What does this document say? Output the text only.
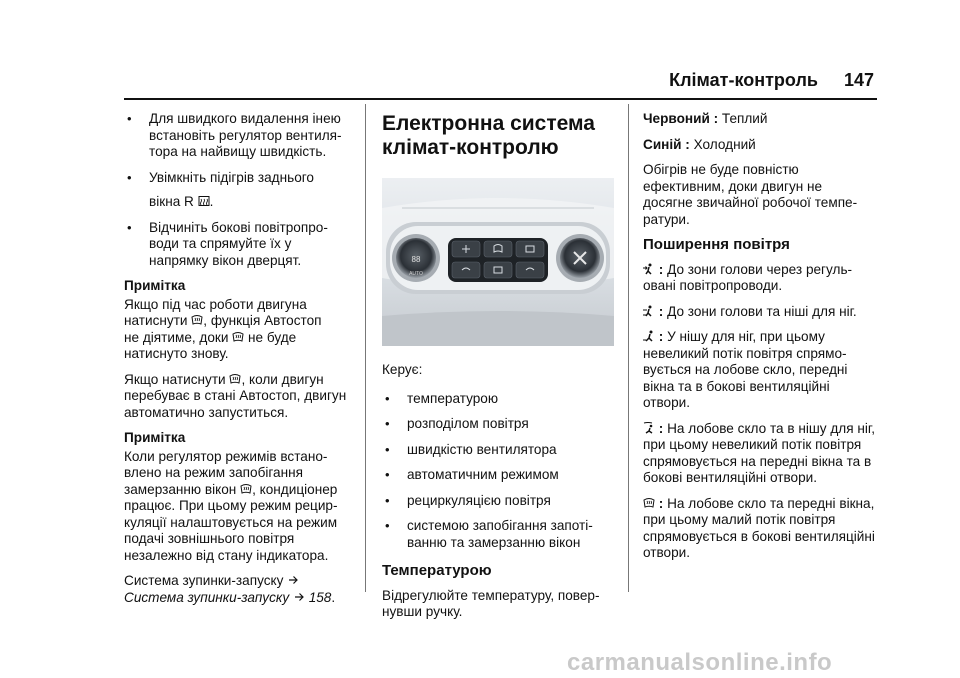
Клімат-контроль 147
• Для швидкого видалення інею встановіть регулятор вентиля-тора на найвищу швидкість.
• Увімкніть підігрів заднього
вікна R .
• Відчиніть бокові повітропро-води та спрямуйте їх у напрямку вікон дверцят.

Примітка

Якщо під час роботи двигуна
натиснути , функція Автостоп
не діятиме, доки не буде
натиснуто знову.

Якщо натиснути , коли двигун
перебуває в стані Автостоп, двигун автоматично запуститься.

Примітка

Коли регулятор режимів встано-влено на режим запобігання
замерзанню вікон , кондиціонер
працює. При цьому режим рецир-куляції налаштовується на режим подачі зовнішнього повітря незалежно від стану індикатора.

Система зупинки-запуску

Система зупинки-запуску 158.

Електронна система клімат-контролю
88
AUTO

Керує:

• температурою
• розподілом повітря
• швидкістю вентилятора
• автоматичним режимом
• рециркуляцією повітря
• системою запобігання запоті-ванню та замерзанню вікон
Температурою

Відрегулюйте температуру, повер-нувши ручку.

Червоний : Теплий

Синій : Холодний

Обігрів не буде повністю ефективним, доки двигун не досягне звичайної робочої темпе-ратури.

Поширення повітря

: До зони голови через регуль-овані повітропроводи.

: До зони голови та ніші для ніг.

: У нішу для ніг, при цьому невеликий потік повітря спрямо-вується на лобове скло, передні вікна та в бокові вентиляційні отвори.

: На лобове скло та в нішу для ніг, при цьому невеликий потік повітря спрямовується на передні вікна та в бокові вентиляційні отвори.

: На лобове скло та передні вікна, при цьому малий потік повітря спрямовується в бокові вентиляційні отвори.

carmanualsonline.info
